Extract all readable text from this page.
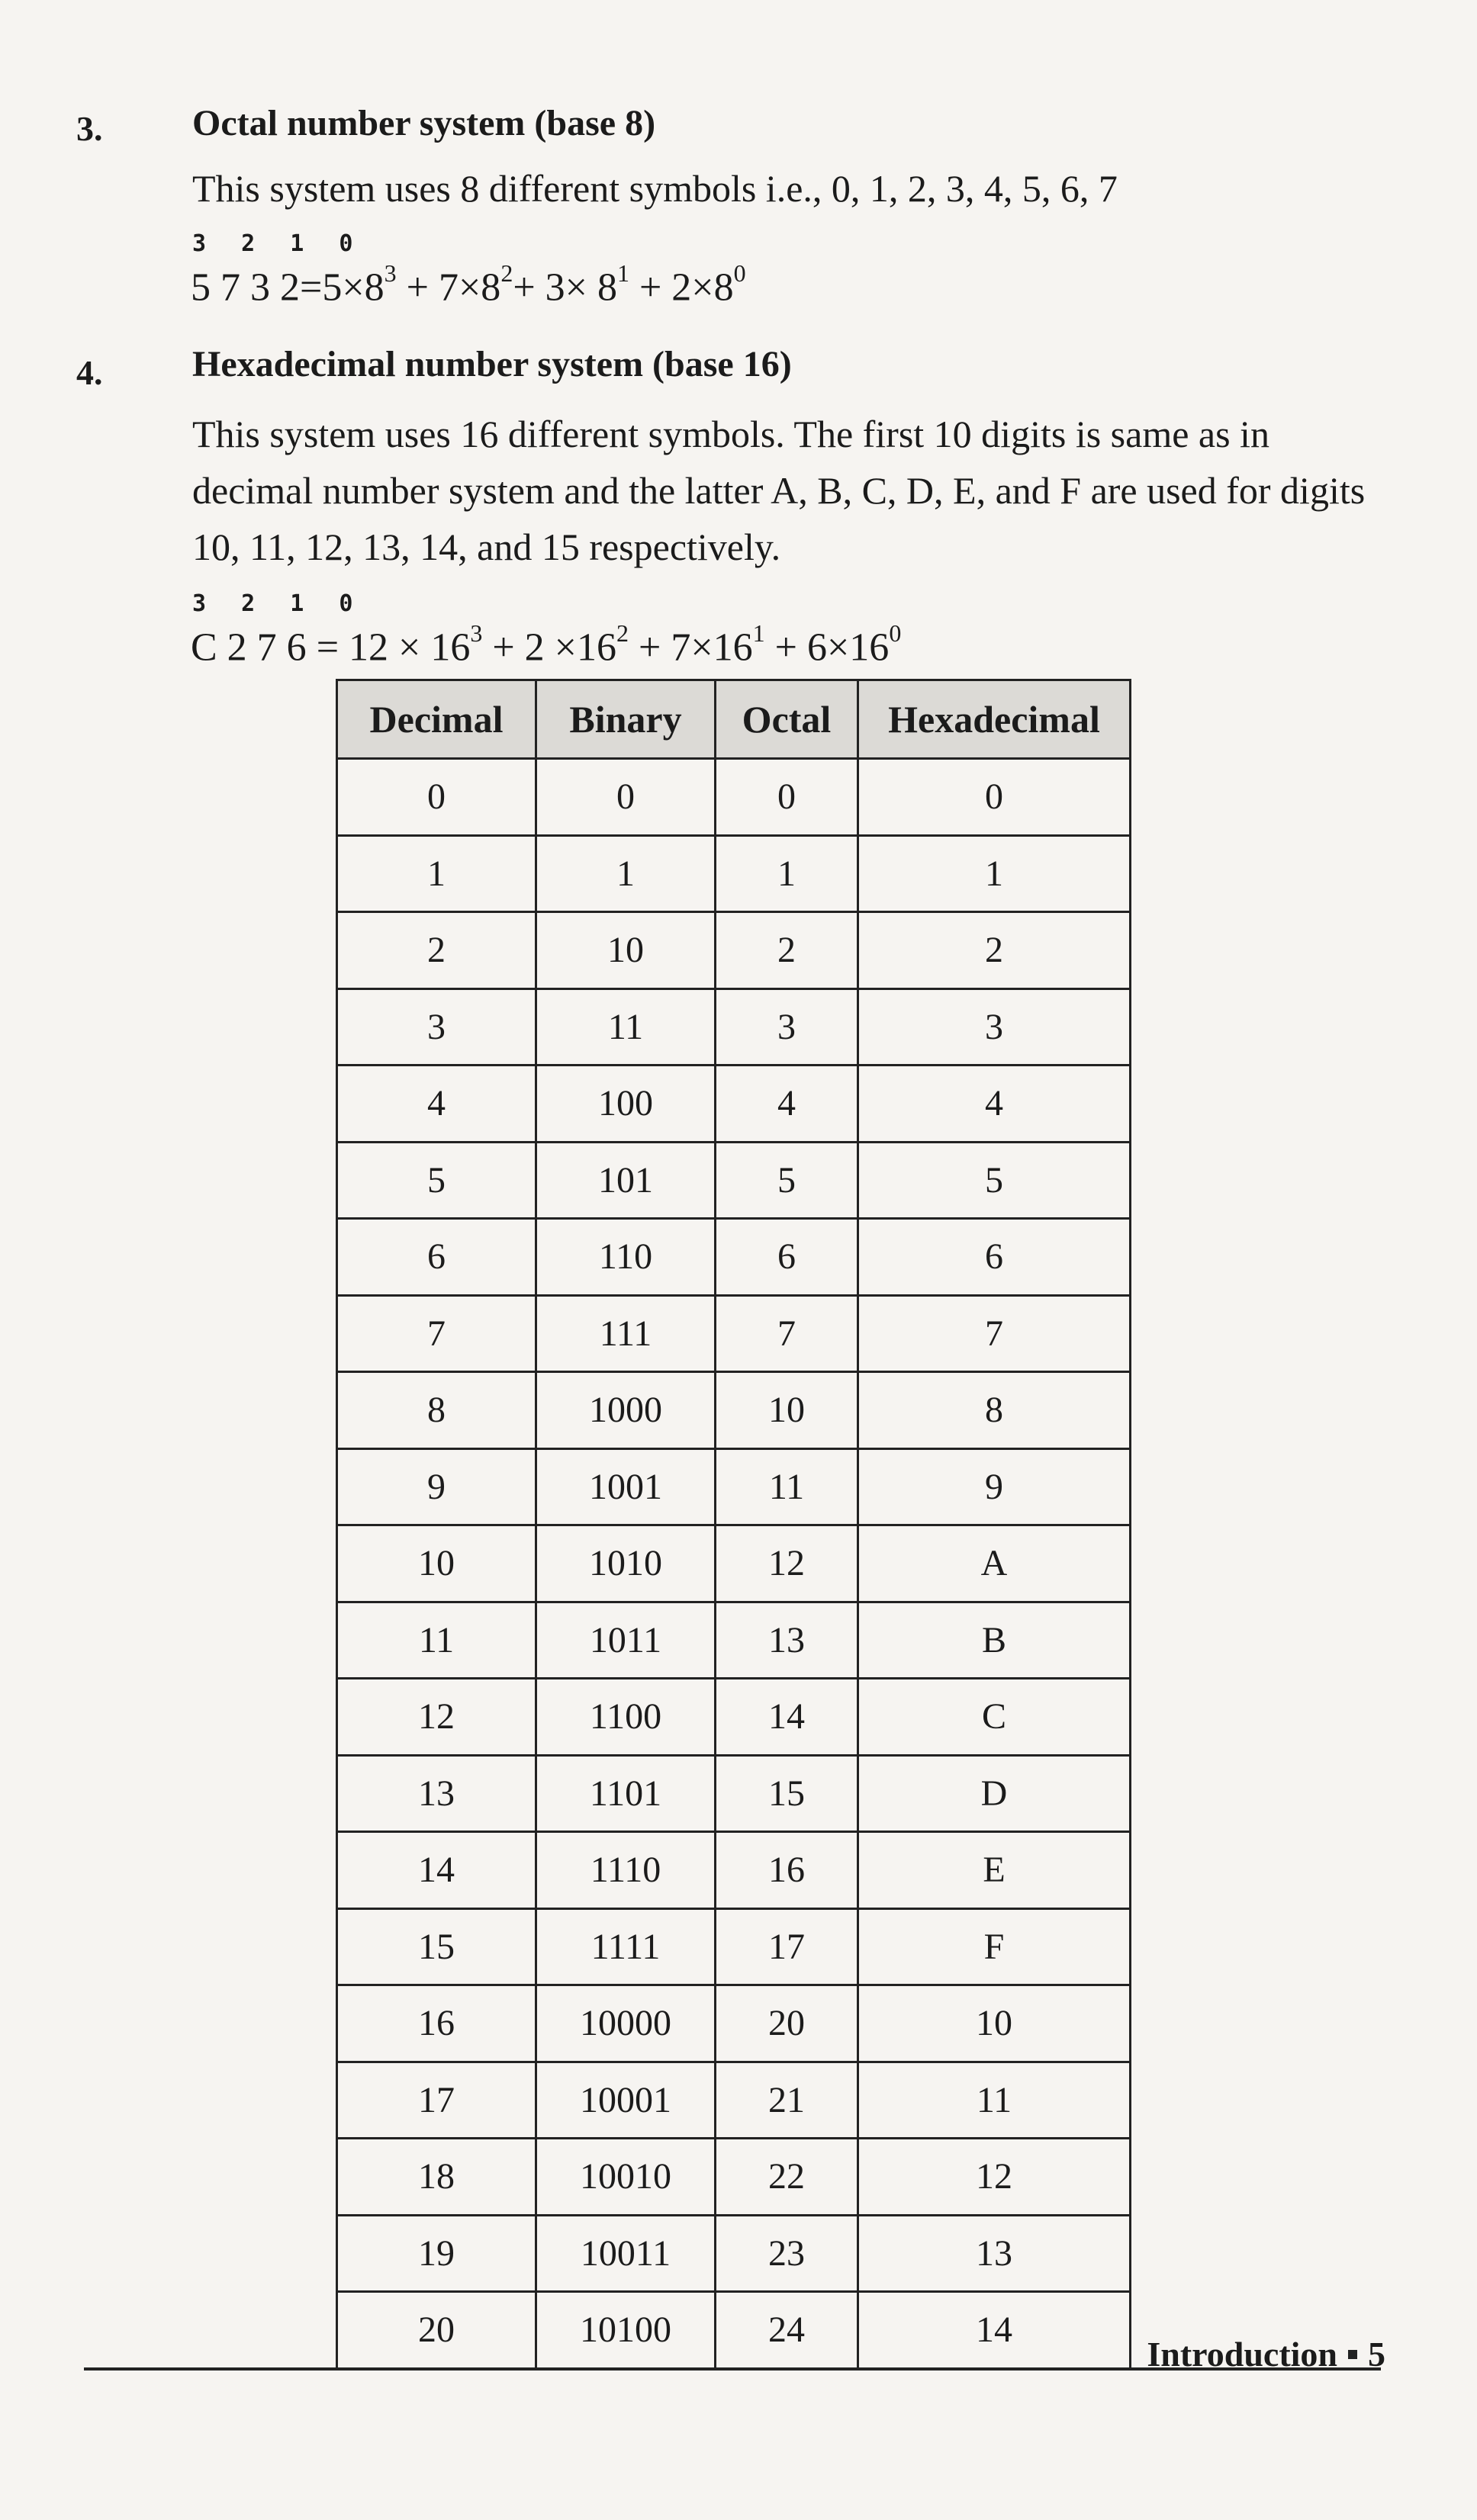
3. Octal number system (base 8)
This system uses 8 different symbols i.e., 0, 1, 2, 3, 4, 5, 6, 7
3 2 1 0
5 7 3 $2=5\times 8^3 + 7\times 8^2+ 3\times 8^1 + 2\times 8^0$
4. Hexadecimal number system (base 16)
This system uses 16 different symbols. The first 10 digits is same as in decimal number system and the latter A, B, C, D, E, and F are used for digits 10, 11, 12, 13, 14, and 15 respectively.
3 2 1 0
C 2 7 $6 = 12 \times 16^3 + 2 \times 16^2 + 7\times 16^1 + 6\times 16^0$
Decimal	Binary	Octal	Hexadecimal
0	0	0	0
1	1	1	1
2	10	2	2
3	11	3	3
4	100	4	4
5	101	5	5
6	110	6	6
7	111	7	7
8	1000	10	8
9	1001	11	9
10	1010	12	A
11	1011	13	B
12	1100	14	C
13	1101	15	D
14	1110	16	E
15	1111	17	F
16	10000	20	10
17	10001	21	11
18	10010	22	12
19	10011	23	13
20	10100	24	14
Introduction 5
